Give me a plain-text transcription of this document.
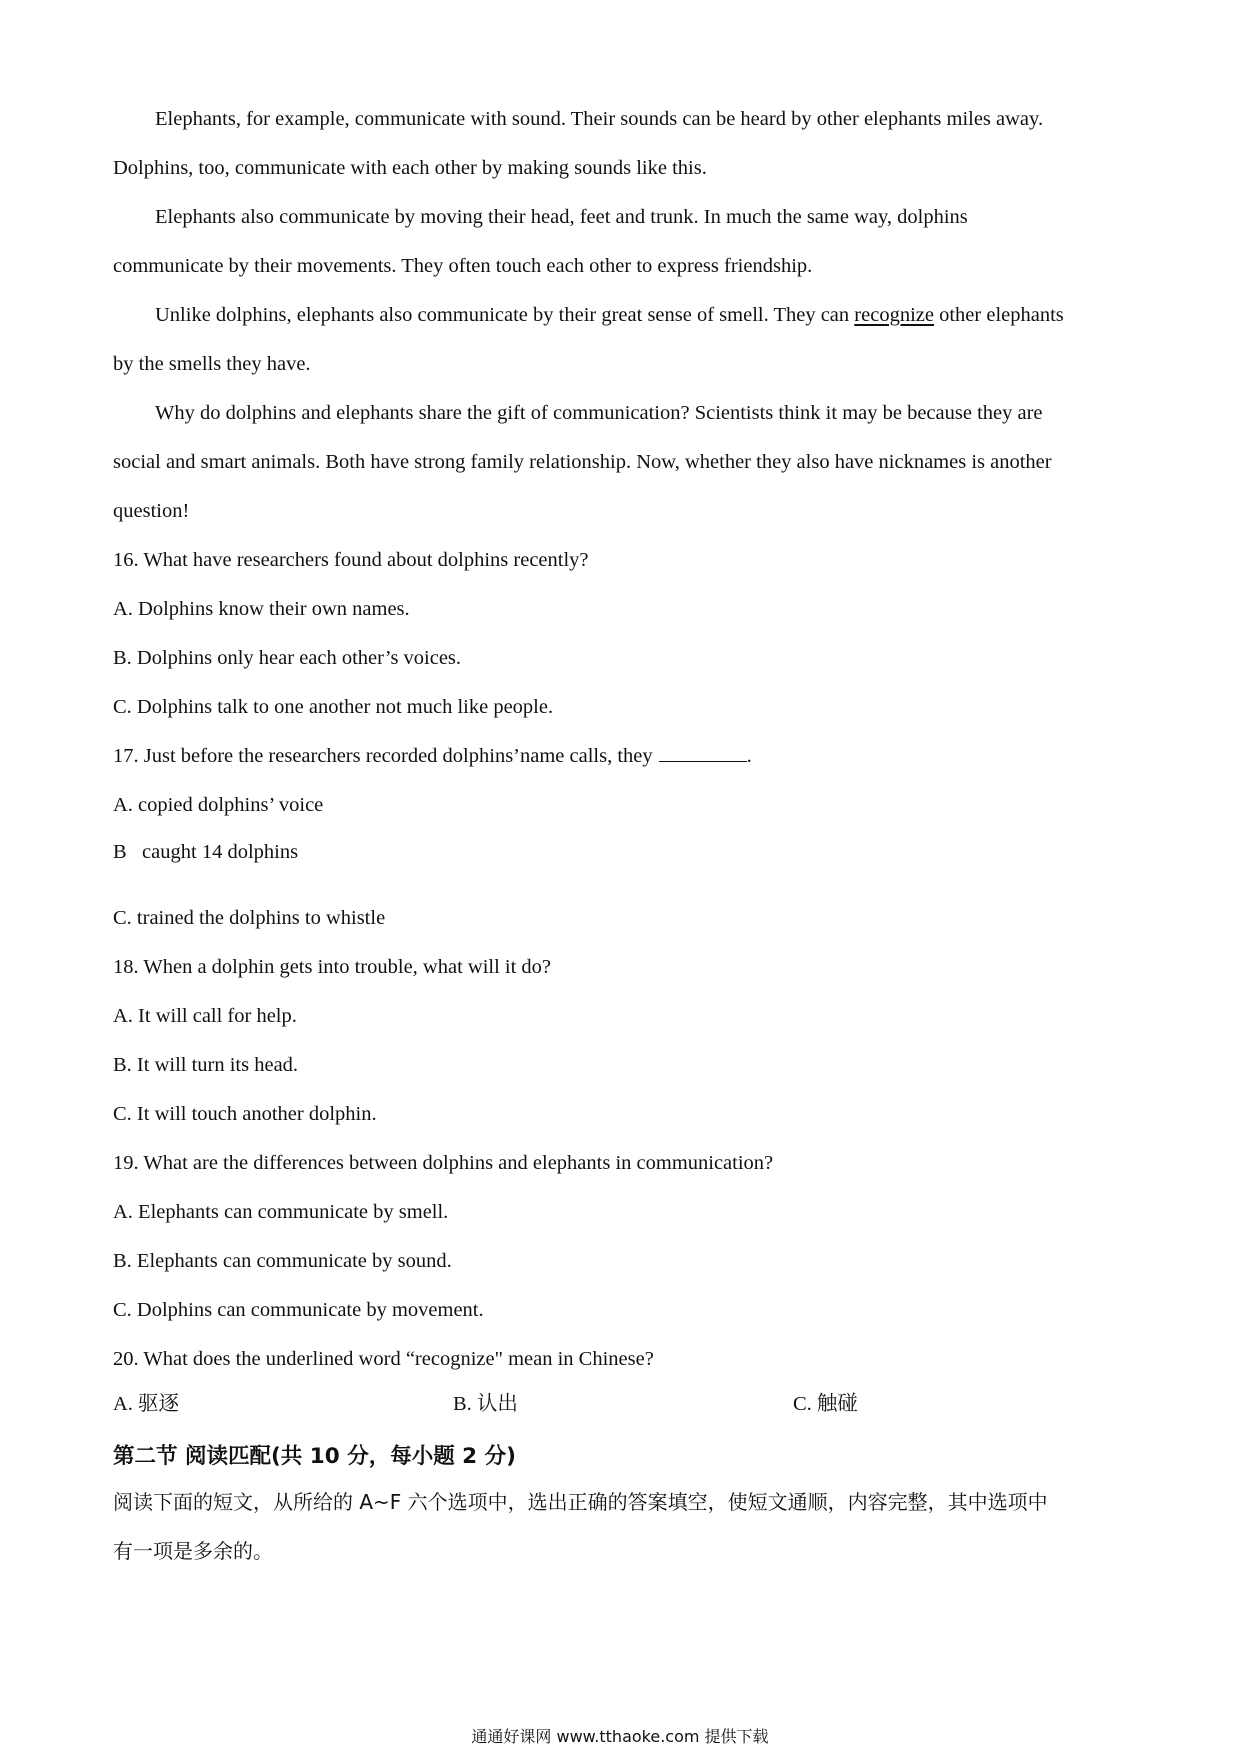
Elephants, for example, communicate with sound. Their sounds can be heard by other elephants miles away.
Dolphins, too, communicate with each other by making sounds like this.
Elephants also communicate by moving their head, feet and trunk. In much the same way, dolphins
communicate by their movements. They often touch each other to express friendship.
Unlike dolphins, elephants also communicate by their great sense of smell. They can recognize other elephants
by the smells they have.
Why do dolphins and elephants share the gift of communication? Scientists think it may be because they are
social and smart animals. Both have strong family relationship. Now, whether they also have nicknames is another
question!
16. What have researchers found about dolphins recently?
A. Dolphins know their own names.
B. Dolphins only hear each other’s voices.
C. Dolphins talk to one another not much like people.
17. Just before the researchers recorded dolphins’name calls, they	.
A. copied dolphins’ voice
B   caught 14 dolphins
C. trained the dolphins to whistle
18. When a dolphin gets into trouble, what will it do?
A. It will call for help.
B. It will turn its head.
C. It will touch another dolphin.
19. What are the differences between dolphins and elephants in communication?
A. Elephants can communicate by smell.
B. Elephants can communicate by sound.
C. Dolphins can communicate by movement.
20. What does the underlined word “recognize" mean in Chinese?
A. 驱逐	B. 认出	C. 触碰
第二节 阅读匹配(共 10 分，每小题 2 分)
阅读下面的短文，从所给的 A~F 六个选项中，选出正确的答案填空，使短文通顺，内容完整，其中选项中
有一项是多余的。
通通好课网 www.tthaoke.com 提供下载
